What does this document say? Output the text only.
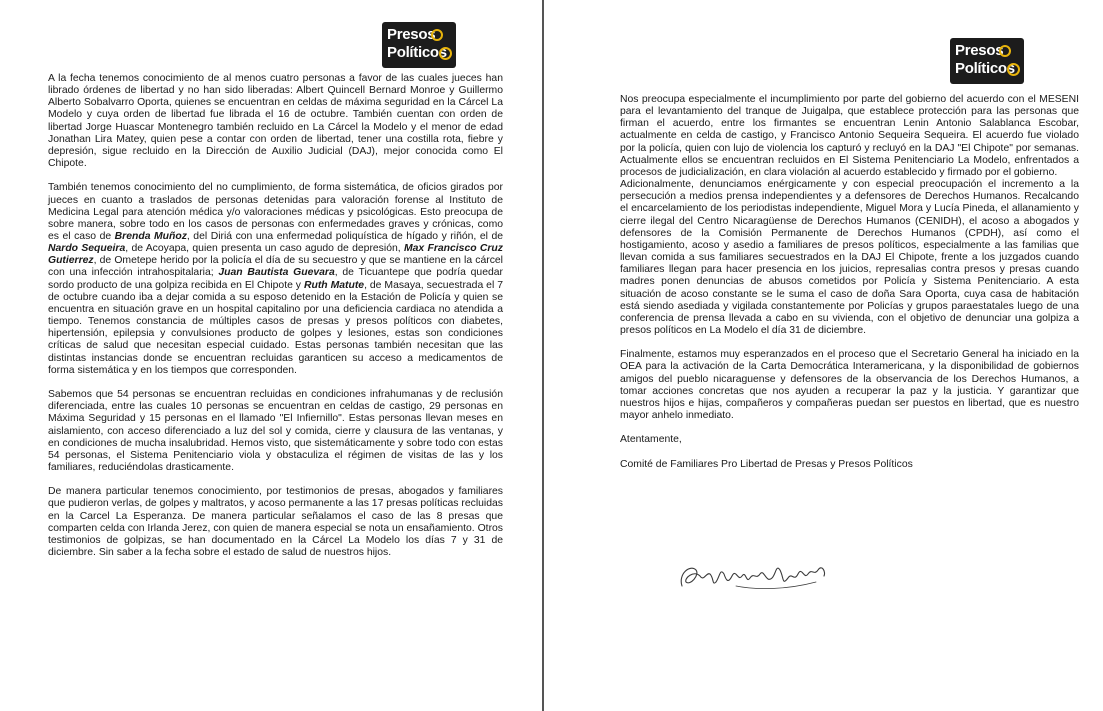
Presos
Políticos

A la fecha tenemos conocimiento de al menos cuatro personas a favor de las cuales jueces han librado órdenes de libertad y no han sido liberadas: Albert Quincell Bernard Monroe y Guillermo Alberto Sobalvarro Oporta, quienes se encuentran en celdas de máxima seguridad en la Cárcel La Modelo y cuya orden de libertad fue librada el 16 de octubre. También cuentan con orden de libertad Jorge Huascar Montenegro también recluido en La Cárcel la Modelo y el menor de edad Jonathan Lira Matey, quien pese a contar con orden de libertad, tener una costilla rota, fiebre y depresión, sigue recluido en la Dirección de Auxilio Judicial (DAJ), mejor conocida como El Chipote.

También tenemos conocimiento del no cumplimiento, de forma sistemática, de oficios girados por jueces en cuanto a traslados de personas detenidas para valoración forense al Instituto de Medicina Legal para atención médica y/o valoraciones médicas y psicológicas. Esto preocupa de sobre manera, sobre todo en los casos de personas con enfermedades graves y crónicas, como es el caso de Brenda Muñoz, del Diriá con una enfermedad poliquística de hígado y riñón, el de Nardo Sequeira, de Acoyapa, quien presenta un caso agudo de depresión, Max Francisco Cruz Gutierrez, de Ometepe herido por la policía el día de su secuestro y que se mantiene en la cárcel con una infección intrahospitalaria; Juan Bautista Guevara, de Ticuantepe que podría quedar sordo producto de una golpiza recibida en El Chipote y Ruth Matute, de Masaya, secuestrada el 7 de octubre cuando iba a dejar comida a su esposo detenido en la Estación de Policía y quien se encuentra en situación grave en un hospital capitalino por una deficiencia cardiaca no atendida a tiempo. Tenemos constancia de múltiples casos de presas y presos políticos con diabetes, hipertensión, epilepsia y convulsiones producto de golpes y lesiones, estas son condiciones críticas de salud que necesitan especial cuidado. Estas personas también necesitan que las distintas instancias donde se encuentran recluidas garanticen su acceso a medicamentos de forma sistemática y en los tiempos que corresponden.

Sabemos que 54 personas se encuentran recluidas en condiciones infrahumanas y de reclusión diferenciada, entre las cuales 10 personas se encuentran en celdas de castigo, 29 personas en Máxima Seguridad y 15 personas en el llamado "El Infiernillo". Estas personas llevan meses en aislamiento, con acceso diferenciado a luz del sol y comida, cierre y clausura de las ventanas, y en condiciones de mucha insalubridad. Hemos visto, que sistemáticamente y sobre todo con estas 54 personas, el Sistema Penitenciario viola y obstaculiza el régimen de visitas de las y los familiares, reduciéndolas drasticamente.

De manera particular tenemos conocimiento, por testimonios de presas, abogados y familiares que pudieron verlas, de golpes y maltratos, y acoso permanente a las 17 presas políticas recluidas en la Carcel La Esperanza. De manera particular señalamos el caso de las 8 presas que comparten celda con Irlanda Jerez, con quien de manera especial se nota un ensañamiento. Otros testimonios de golpizas, se han documentado en la Cárcel La Modelo los días 7 y 31 de diciembre. Sin saber a la fecha sobre el estado de salud de nuestros hijos.

Presos
Políticos

Nos preocupa especialmente el incumplimiento por parte del gobierno del acuerdo con el MESENI para el levantamiento del tranque de Juigalpa, que establece protección para las personas que firman el acuerdo, entre los firmantes se encuentran Lenin Antonio Salablanca Escobar, actualmente en celda de castigo, y Francisco Antonio Sequeira Sequeira. El acuerdo fue violado por la policía, quien con lujo de violencia los capturó y recluyó en la DAJ "El Chipote" por semanas. Actualmente ellos se encuentran recluidos en El Sistema Penitenciario La Modelo, enfrentados a procesos de judicialización, en clara violación al acuerdo establecido y firmado por el gobierno.

Adicionalmente, denunciamos enérgicamente y con especial preocupación el incremento a la persecución a medios prensa independientes y a defensores de Derechos Humanos. Recalcando el encarcelamiento de los periodistas independiente, Miguel Mora y Lucía Pineda, el allanamiento y cierre ilegal del Centro Nicaragüense de Derechos Humanos (CENIDH), el acoso a abogados y defensores de la Comisión Permanente de Derechos Humanos (CPDH), así como el hostigamiento, acoso y asedio a familiares de presos políticos, especialmente a las familias que llevan comida a sus familiares secuestrados en la DAJ El Chipote, frente a los juzgados cuando familiares llegan para hacer presencia en los juicios, represalias contra presos y presas cuando madres ponen denuncias de abusos cometidos por Policía y Sistema Penitenciario. A esta situación de acoso constante se le suma el caso de doña Sara Oporta, cuya casa de habitación está siendo asediada y vigilada constantemente por Policías y grupos paraestatales luego de una conferencia de prensa llevada a cabo en su vivienda, con el objetivo de denunciar una golpiza a presos políticos en La Modelo el día 31 de diciembre.

Finalmente, estamos muy esperanzados en el proceso que el Secretario General ha iniciado en la OEA para la activación de la Carta Democrática Interamericana, y la disponibilidad de gobiernos amigos del pueblo nicaraguense y defensores de la observancia de los Derechos Humanos, a tomar acciones concretas que nos ayuden a recuperar la paz y la justicia. Y garantizar que nuestros hijos e hijas, compañeros y compañeras puedan ser puestos en libertad, que es nuestro mayor anhelo inmediato.

Atentamente,

Comité de Familiares Pro Libertad de Presas y Presos Políticos
